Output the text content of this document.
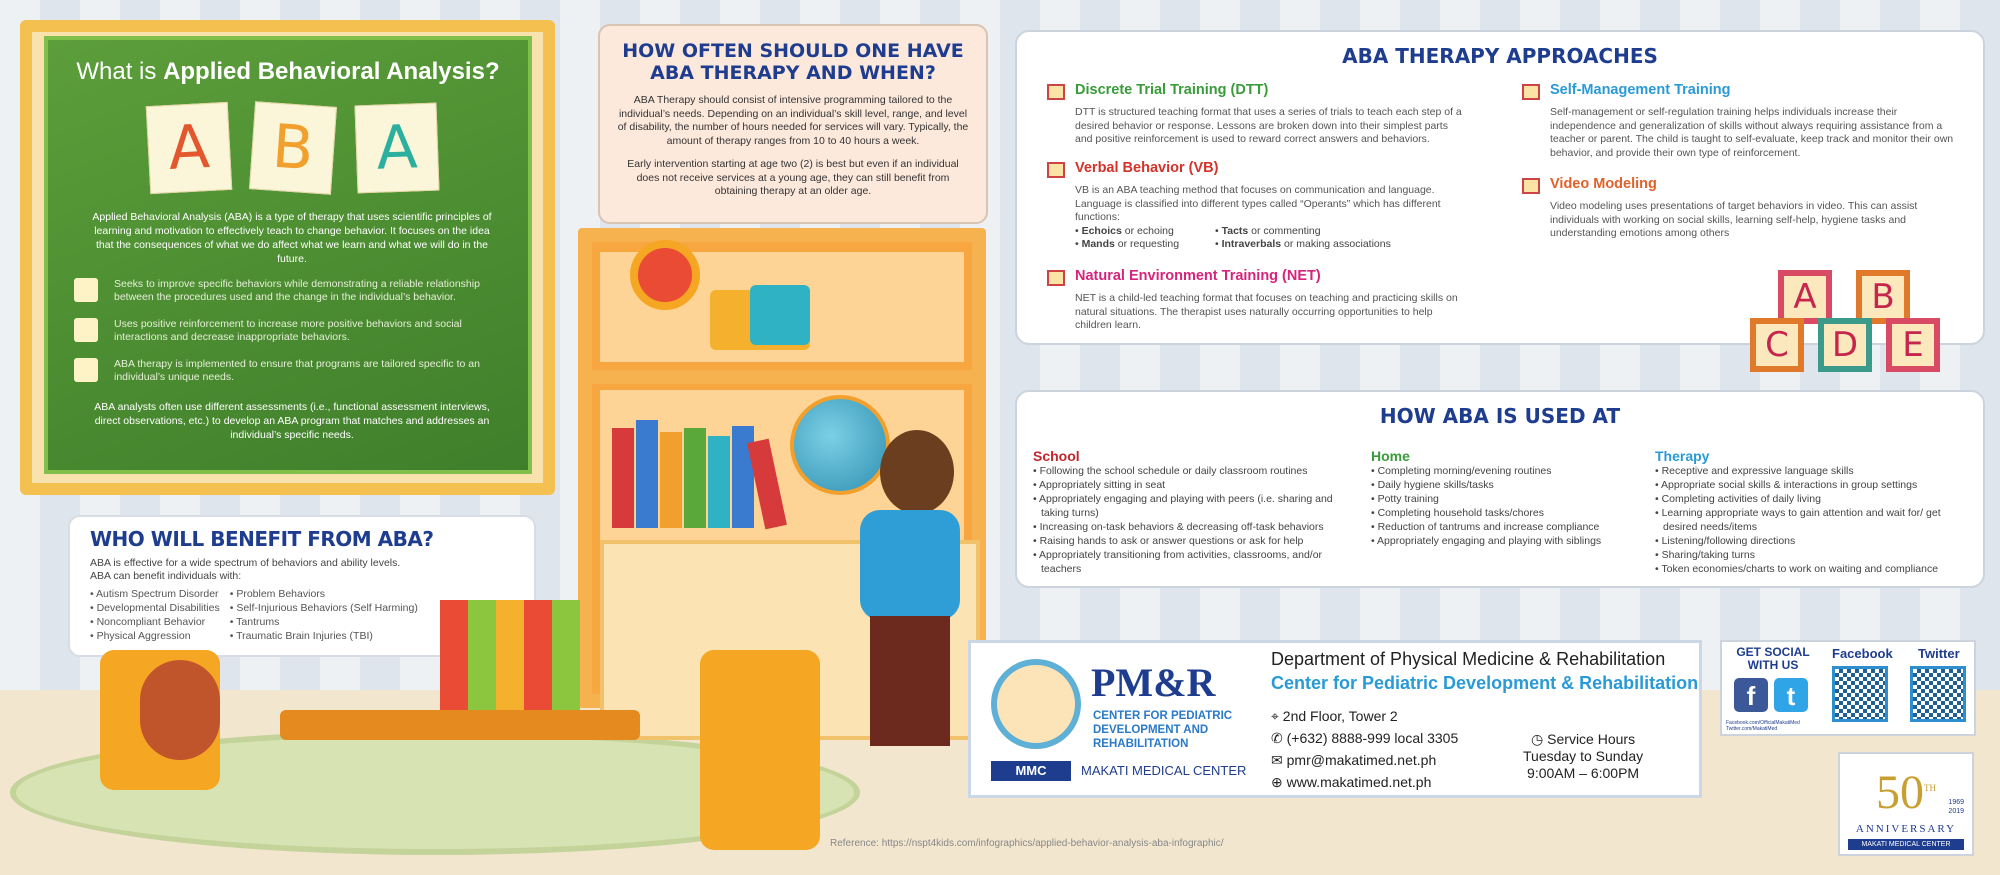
What is Applied Behavioral Analysis?
A B A

Applied Behavioral Analysis (ABA) is a type of therapy that uses scientific principles of learning and motivation to effectively teach to change behavior. It focuses on the idea that the consequences of what we do affect what we learn and what we will do in the future.

Seeks to improve specific behaviors while demonstrating a reliable relationship between the procedures used and the change in the individual’s behavior.
Uses positive reinforcement to increase more positive behaviors and social interactions and decrease inappropriate behaviors.
ABA therapy is implemented to ensure that programs are tailored specific to an individual’s unique needs.

ABA analysts often use different assessments (i.e., functional assessment interviews, direct observations, etc.) to develop an ABA program that matches and addresses an individual’s specific needs.

WHO WILL BENEFIT FROM ABA?

ABA is effective for a wide spectrum of behaviors and ability levels.
ABA can benefit individuals with:

• Autism Spectrum Disorder
• Developmental Disabilities
• Noncompliant Behavior
• Physical Aggression
• Problem Behaviors
• Self-Injurious Behaviors (Self Harming)
• Tantrums
• Traumatic Brain Injuries (TBI)
HOW OFTEN SHOULD ONE HAVE
ABA THERAPY AND WHEN?

ABA Therapy should consist of intensive programming tailored to the individual’s needs. Depending on an individual’s skill level, range, and level of disability, the number of hours needed for services will vary. Typically, the amount of therapy ranges from 10 to 40 hours a week.

Early intervention starting at age two (2) is best but even if an individual does not receive services at a young age, they can still benefit from obtaining therapy at an older age.

ABA THERAPY APPROACHES
Discrete Trial Training (DTT)

DTT is structured teaching format that uses a series of trials to teach each step of a desired behavior or response. Lessons are broken down into their simplest parts and positive reinforcement is used to reward correct answers and behaviors.

Verbal Behavior (VB)

VB is an ABA teaching method that focuses on communication and language. Language is classified into different types called “Operants” which has different functions:

• Echoics or echoing	• Tacts or commenting
• Mands or requesting	• Intraverbals or making associations
Natural Environment Training (NET)

NET is a child-led teaching format that focuses on teaching and practicing skills on natural situations. The therapist uses naturally occurring opportunities to help children learn.

Self-Management Training

Self-management or self-regulation training helps individuals increase their independence and generalization of skills without always requiring assistance from a teacher or parent. The child is taught to self-evaluate, keep track and monitor their own behavior, and provide their own type of reinforcement.

Video Modeling

Video modeling uses presentations of target behaviors in video. This can assist individuals with working on social skills, learning self-help, hygiene tasks and understanding emotions among others

A	B
C	D	E
HOW ABA IS USED AT
School
• Following the school schedule or daily classroom routines
• Appropriately sitting in seat
• Appropriately engaging and playing with peers (i.e. sharing and taking turns)
• Increasing on-task behaviors & decreasing off-task behaviors
• Raising hands to ask or answer questions or ask for help
• Appropriately transitioning from activities, classrooms, and/or teachers
Home
• Completing morning/evening routines
• Daily hygiene skills/tasks
• Potty training
• Completing household tasks/chores
• Reduction of tantrums and increase compliance
• Appropriately engaging and playing with siblings
Therapy
• Receptive and expressive language skills
• Appropriate social skills & interactions in group settings
• Completing activities of daily living
• Learning appropriate ways to gain attention and wait for/ get desired needs/items
• Listening/following directions
• Sharing/taking turns
• Token economies/charts to work on waiting and compliance
PM&R
CENTER FOR PEDIATRIC
DEVELOPMENT AND
REHABILITATION
MMC	MAKATI MEDICAL CENTER
Department of Physical Medicine & Rehabilitation
Center for Pediatric Development & Rehabilitation
⌖ 2nd Floor, Tower 2
✆ (+632) 8888-999 local 3305
✉ pmr@makatimed.net.ph
⊕ www.makatimed.net.ph
◷ Service Hours
Tuesday to Sunday
9:00AM – 6:00PM
GET SOCIAL
WITH US
f	t
Facebook.com/OfficialMakatiMed Twitter.com/MakatiMed
Facebook Twitter
50TH
1969
2019
ANNIVERSARY
MAKATI MEDICAL CENTER
Reference: https://nspt4kids.com/infographics/applied-behavior-analysis-aba-infographic/
